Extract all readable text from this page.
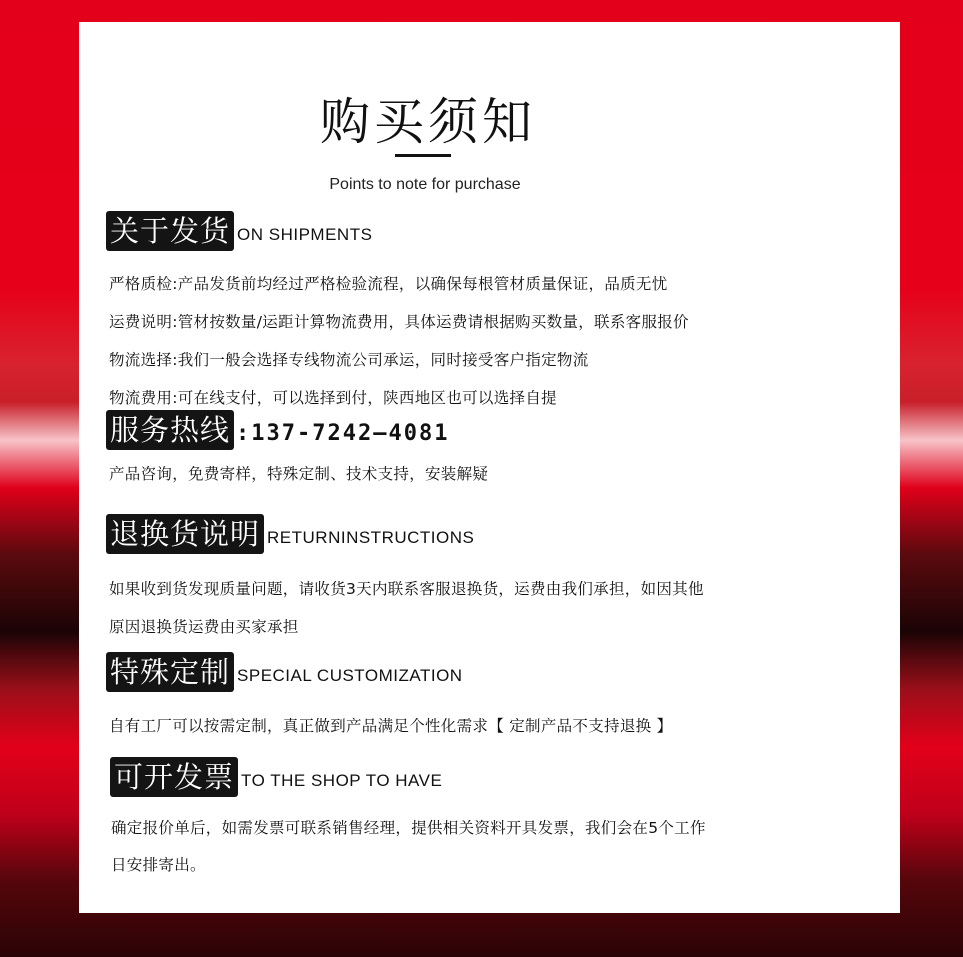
购买须知
Points to note for purchase
关于发货 ON SHIPMENTS
严格质检:产品发货前均经过严格检验流程，以确保每根管材质量保证，品质无忧
运费说明:管材按数量/运距计算物流费用，具体运费请根据购买数量，联系客服报价
物流选择:我们一般会选择专线物流公司承运，同时接受客户指定物流
物流费用:可在线支付，可以选择到付，陕西地区也可以选择自提
服务热线 :137-7242—4081
产品咨询，免费寄样，特殊定制、技术支持，安装解疑
退换货说明 RETURNINSTRUCTIONS
如果收到货发现质量问题，请收货3天内联系客服退换货，运费由我们承担，如因其他
原因退换货运费由买家承担
特殊定制 SPECIAL CUSTOMIZATION
自有工厂可以按需定制，真正做到产品满足个性化需求【 定制产品不支持退换 】
可开发票 TO THE SHOP TO HAVE
确定报价单后，如需发票可联系销售经理，提供相关资料开具发票，我们会在5个工作
日安排寄出。
